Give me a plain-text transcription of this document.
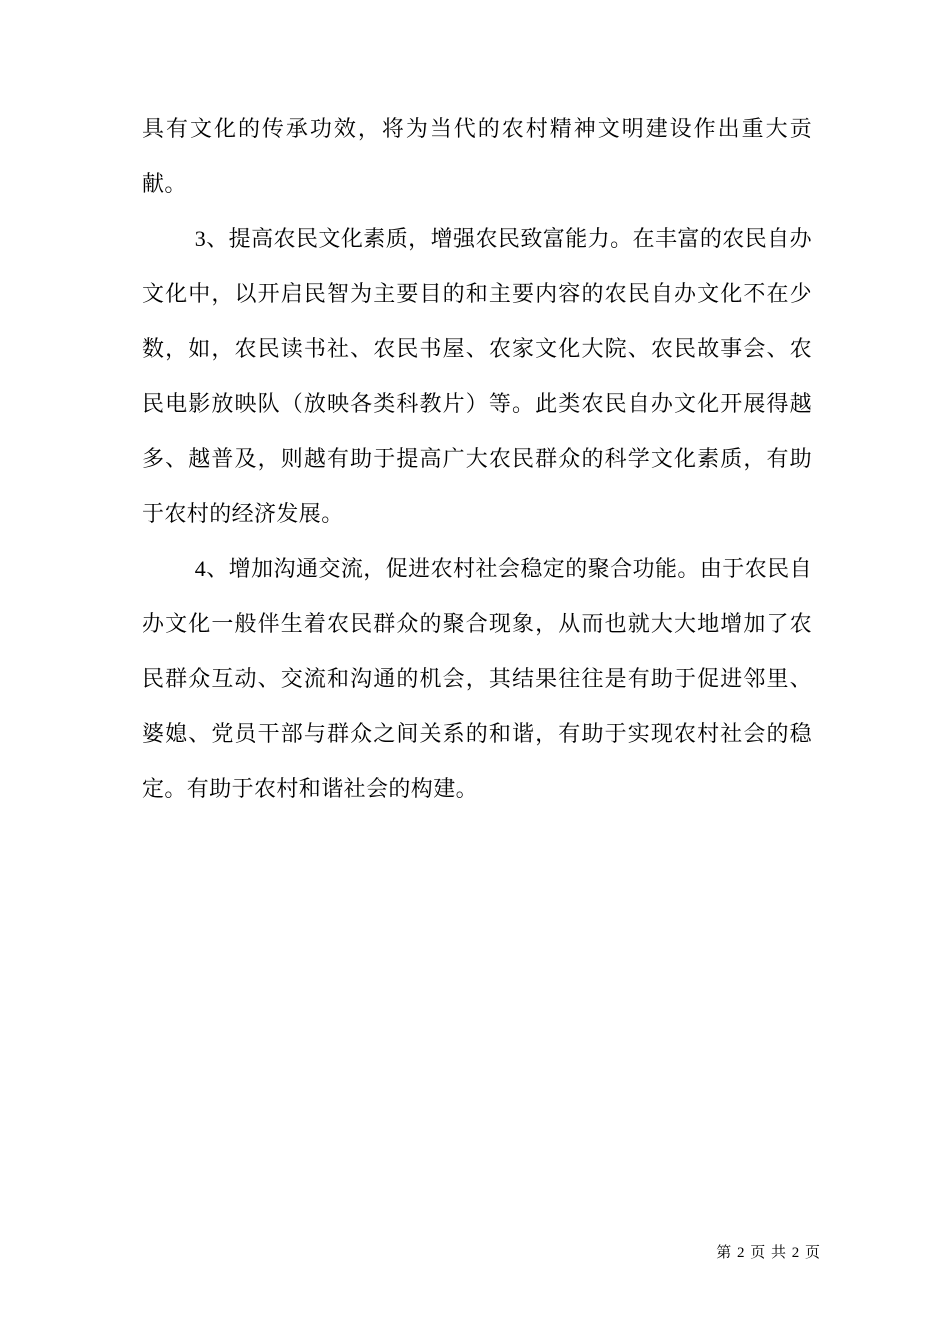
具有文化的传承功效，将为当代的农村精神文明建设作出重大贡献。

3、提高农民文化素质，增强农民致富能力。在丰富的农民自办文化中，以开启民智为主要目的和主要内容的农民自办文化不在少数，如，农民读书社、农民书屋、农家文化大院、农民故事会、农民电影放映队（放映各类科教片）等。此类农民自办文化开展得越多、越普及，则越有助于提高广大农民群众的科学文化素质，有助于农村的经济发展。

4、增加沟通交流，促进农村社会稳定的聚合功能。由于农民自办文化一般伴生着农民群众的聚合现象，从而也就大大地增加了农民群众互动、交流和沟通的机会，其结果往往是有助于促进邻里、婆媳、党员干部与群众之间关系的和谐，有助于实现农村社会的稳定。有助于农村和谐社会的构建。

第 2 页 共 2 页
